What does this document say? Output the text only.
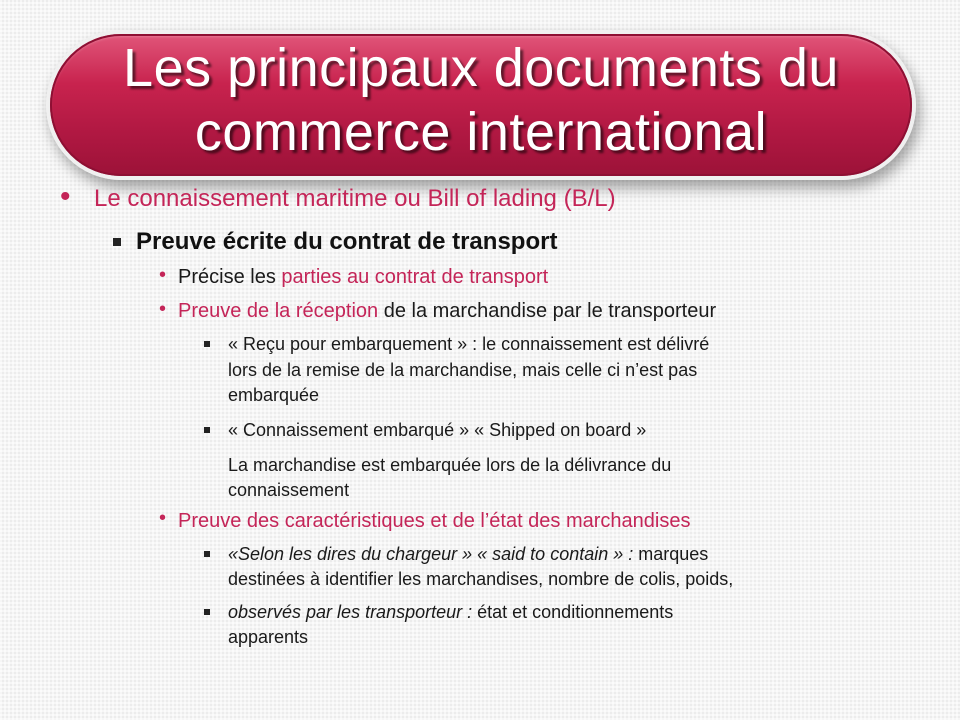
Les principaux documents du commerce international
• Le connaissement maritime ou Bill of lading (B/L)

Preuve écrite du contrat de transport

• Précise les parties au contrat de transport

• Preuve de la réception de la marchandise par le transporteur

« Reçu pour embarquement » : le connaissement est délivré

lors de la remise de la marchandise, mais celle ci n’est pas

embarquée

« Connaissement embarqué » « Shipped on board »

La marchandise est embarquée lors de la délivrance du

connaissement

• Preuve des caractéristiques et de l’état des marchandises

«Selon les dires du chargeur » « said to contain » : marques

destinées à identifier les marchandises, nombre de colis, poids,

observés par les transporteur : état et conditionnements

apparents
